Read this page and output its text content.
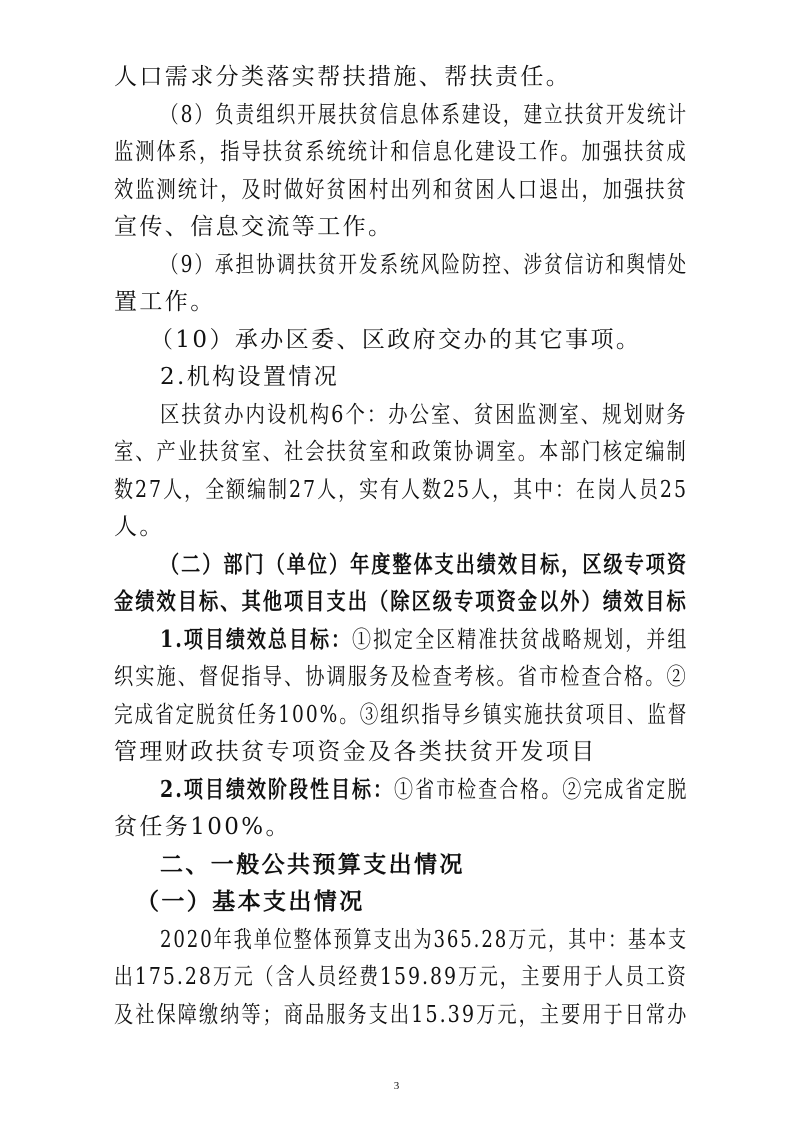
人口需求分类落实帮扶措施、帮扶责任。
（8）负责组织开展扶贫信息体系建设，建立扶贫开发统计
监测体系，指导扶贫系统统计和信息化建设工作。加强扶贫成
效监测统计，及时做好贫困村出列和贫困人口退出，加强扶贫
宣传、信息交流等工作。
（9）承担协调扶贫开发系统风险防控、涉贫信访和舆情处
置工作。
（10）承办区委、区政府交办的其它事项。
2.机构设置情况
区扶贫办内设机构6个：办公室、贫困监测室、规划财务
室、产业扶贫室、社会扶贫室和政策协调室。本部门核定编制
数27人，全额编制27人，实有人数25人，其中：在岗人员25
人。
（二）部门（单位）年度整体支出绩效目标，区级专项资
金绩效目标、其他项目支出（除区级专项资金以外）绩效目标
1.项目绩效总目标：①拟定全区精准扶贫战略规划，并组
织实施、督促指导、协调服务及检查考核。省市检查合格。②
完成省定脱贫任务100%。③组织指导乡镇实施扶贫项目、监督
管理财政扶贫专项资金及各类扶贫开发项目
2.项目绩效阶段性目标：①省市检查合格。②完成省定脱
贫任务100%。
二、一般公共预算支出情况
（一）基本支出情况
2020年我单位整体预算支出为365.28万元，其中：基本支
出175.28万元（含人员经费159.89万元，主要用于人员工资
及社保障缴纳等；商品服务支出15.39万元，主要用于日常办
3
